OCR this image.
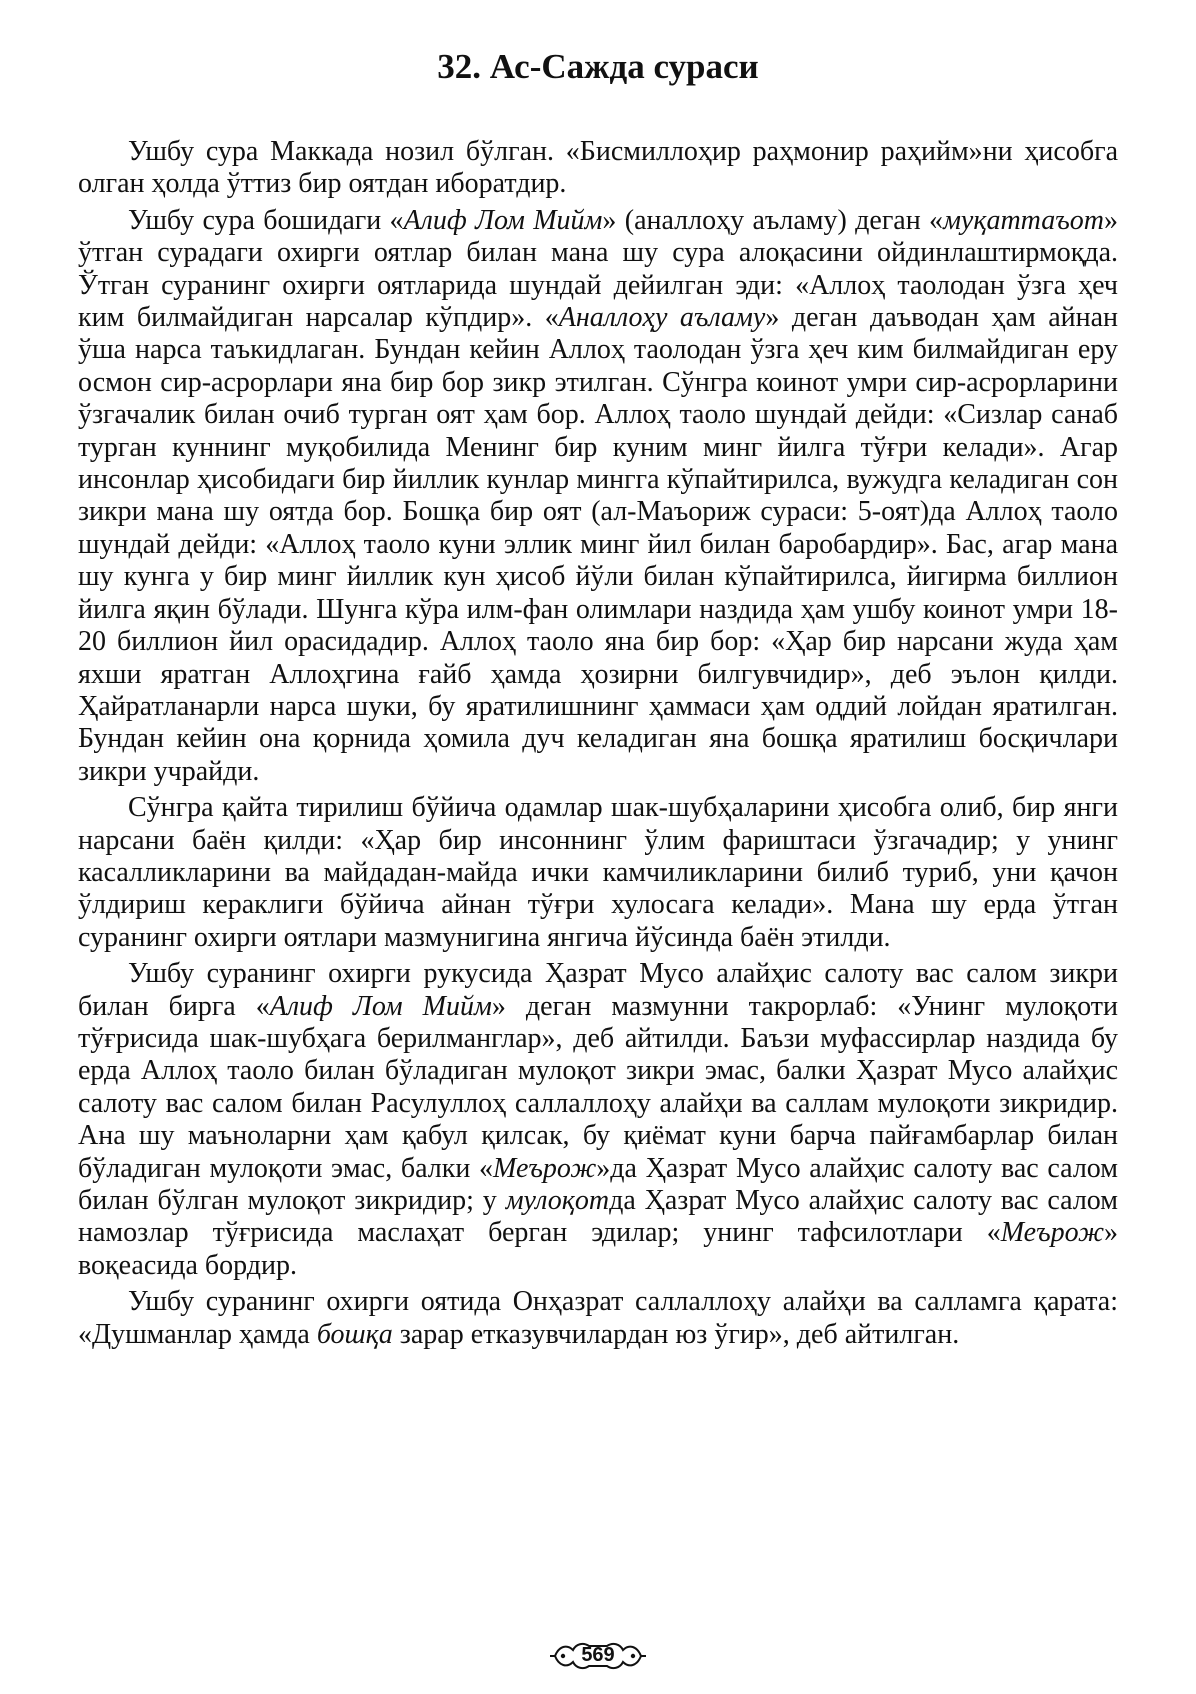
32. Ас-Сажда сураси

Ушбу сура Маккада нозил бўлган. «Бисмиллоҳир раҳмонир раҳийм»ни ҳисобга олган ҳолда ўттиз бир оятдан иборатдир.

Ушбу сура бошидаги «Алиф Лом Мийм» (аналлоҳу аъламу) деган «муқаттаъот» ўтган сурадаги охирги оятлар билан мана шу сура алоқасини ойдинлаштирмоқда. Ўтган суранинг охирги оятларида шундай дейилган эди: «Аллоҳ таолодан ўзга ҳеч ким билмайдиган нарсалар кўпдир». «Аналлоҳу аъламу» деган даъводан ҳам айнан ўша нарса таъкидлаган. Бундан кейин Аллоҳ таолодан ўзга ҳеч ким билмайдиган еру осмон сир-асрорлари яна бир бор зикр этилган. Сўнгра коинот умри сир-асрорларини ўзгачалик билан очиб турган оят ҳам бор. Аллоҳ таоло шундай дейди: «Сизлар санаб турган куннинг муқобилида Менинг бир куним минг йилга тўғри келади». Агар инсонлар ҳисобидаги бир йиллик кунлар мингга кўпайтирилса, вужудга келадиган сон зикри мана шу оятда бор. Бошқа бир оят (ал-Маъориж сураси: 5-оят)да Аллоҳ таоло шундай дейди: «Аллоҳ таоло куни эллик минг йил билан баробардир». Бас, агар мана шу кунга у бир минг йиллик кун ҳисоб йўли билан кўпайтирилса, йигирма биллион йилга яқин бўлади. Шунга кўра илм-фан олимлари наздида ҳам ушбу коинот умри 18-20 биллион йил орасидадир. Аллоҳ таоло яна бир бор: «Ҳар бир нарсани жуда ҳам яхши яратган Аллоҳгина ғайб ҳамда ҳозирни билгувчидир», деб эълон қилди. Ҳайратланарли нарса шуки, бу яратилишнинг ҳаммаси ҳам оддий лойдан яратилган. Бундан кейин она қорнида ҳомила дуч келадиган яна бошқа яратилиш босқичлари зикри учрайди.

Сўнгра қайта тирилиш бўйича одамлар шак-шубҳаларини ҳисобга олиб, бир янги нарсани баён қилди: «Ҳар бир инсоннинг ўлим фариштаси ўзгачадир; у унинг касалликларини ва майдадан-майда ички камчиликларини билиб туриб, уни қачон ўлдириш кераклиги бўйича айнан тўғри хулосага келади». Мана шу ерда ўтган суранинг охирги оятлари мазмунигина янгича йўсинда баён этилди.

Ушбу суранинг охирги рукусида Ҳазрат Мусо алайҳис салоту вас салом зикри билан бирга «Алиф Лом Мийм» деган мазмунни такрорлаб: «Унинг мулоқоти тўғрисида шак-шубҳага берилманглар», деб айтилди. Баъзи муфассирлар наздида бу ерда Аллоҳ таоло билан бўладиган мулоқот зикри эмас, балки Ҳазрат Мусо алайҳис салоту вас салом билан Расулуллоҳ саллаллоҳу алайҳи ва саллам мулоқоти зикридир. Ана шу маъноларни ҳам қабул қилсак, бу қиёмат куни барча пайғамбарлар билан бўладиган мулоқоти эмас, балки «Меърож»да Ҳазрат Мусо алайҳис салоту вас салом билан бўлган мулоқот зикридир; у мулоқотда Ҳазрат Мусо алайҳис салоту вас салом намозлар тўғрисида маслаҳат берган эдилар; унинг тафсилотлари «Меърож» воқеасида бордир.

Ушбу суранинг охирги оятида Онҳазрат саллаллоҳу алайҳи ва салламга қарата: «Душманлар ҳамда бошқа зарар етказувчилардан юз ўгир», деб айтилган.

569
